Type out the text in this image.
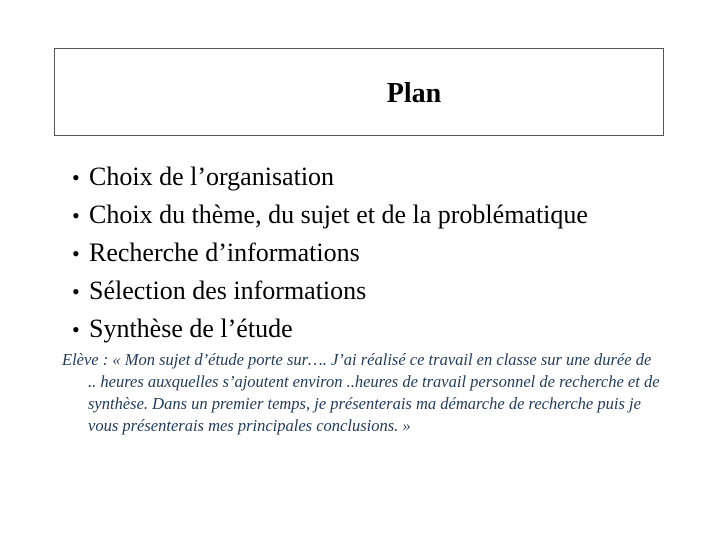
Plan
• Choix de l’organisation
• Choix du thème, du sujet et de la problématique
• Recherche d’informations
• Sélection des informations
• Synthèse de l’étude
Elève : « Mon sujet d’étude porte sur…. J’ai réalisé ce travail en classe sur une durée de .. heures auxquelles s’ajoutent environ ..heures de travail personnel de recherche et de synthèse. Dans un premier temps, je présenterais ma démarche de recherche puis je vous présenterais mes principales conclusions. »
